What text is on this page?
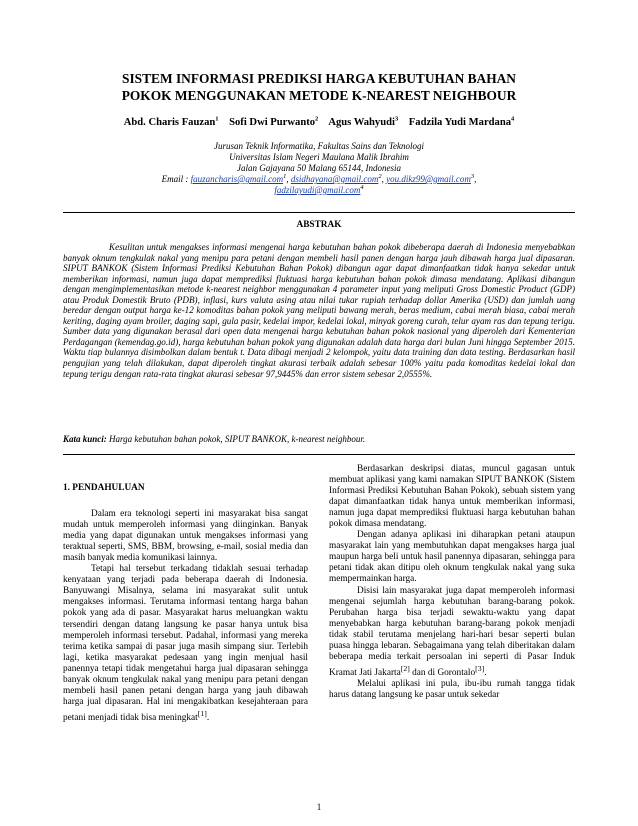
SISTEM INFORMASI PREDIKSI HARGA KEBUTUHAN BAHAN
POKOK MENGGUNAKAN METODE K-NEAREST NEIGHBOUR
Abd. Charis Fauzan$^1$ Sofi Dwi Purwanto$^2$ Agus Wahyudi$^3$ Fadzila Yudi Mardana$^4$
Jurusan Teknik Informatika, Fakultas Sains dan Teknologi
Universitas Islam Negeri Maulana Malik Ibrahim
Jalan Gajayana 50 Malang 65144, Indonesia
Email : fauzancharis@gmail.com$^1$, dsidhayana@gmail.com$^2$, you.dikz99@gmail.com$^3$,
fadzilayudi@gmail.com$^4$
ABSTRAK

Kesulitan untuk mengakses informasi mengenai harga kebutuhan bahan pokok dibeberapa daerah di Indonesia menyebabkan banyak oknum tengkulak nakal yang menipu para petani dengan membeli hasil panen dengan harga jauh dibawah harga jual dipasaran. SIPUT BANKOK (Sistem Informasi Prediksi Kebutuhan Bahan Pokok) dibangun agar dapat dimanfaatkan tidak hanya sekedar untuk memberikan informasi, namun juga dapat memprediksi fluktuasi harga kebutuhan bahan pokok dimasa mendatang. Aplikasi dibangun dengan mengimplementasikan metode k-nearest neighbor menggunakan 4 parameter input yang meliputi Gross Domestic Product (GDP) atau Produk Domestik Bruto (PDB), inflasi, kurs valuta asing atau nilai tukar rupiah terhadap dollar Amerika (USD) dan jumlah uang beredar dengan output harga ke-12 komoditas bahan pokok yang meliputi bawang merah, beras medium, cabai merah biasa, cabai merah keriting, daging ayam broiler, daging sapi, gula pasir, kedelai impor, kedelai lokal, minyak goreng curah, telur ayam ras dan tepung terigu. Sumber data yang digunakan berasal dari open data mengenai harga kebutuhan bahan pokok nasional yang diperoleh dari Kementerian Perdagangan (kemendag.go.id), harga kebutuhan bahan pokok yang digunakan adalah data harga dari bulan Juni hingga September 2015. Waktu tiap bulannya disimbolkan dalam bentuk t. Data dibagi menjadi 2 kelompok, yaitu data training dan data testing. Berdasarkan hasil pengujian yang telah dilakukan, dapat diperoleh tingkat akurasi terbaik adalah sebesar 100% yaitu pada komoditas kedelai lokal dan tepung terigu dengan rata-rata tingkat akurasi sebesar 97,9445% dan error sistem sebesar 2,0555%.

Kata kunci: Harga kebutuhan bahan pokok, SIPUT BANKOK, k-nearest neighbour.

1. PENDAHULUAN

Dalam era teknologi seperti ini masyarakat bisa sangat mudah untuk memperoleh informasi yang diinginkan. Banyak media yang dapat digunakan untuk mengakses informasi yang teraktual seperti, SMS, BBM, browsing, e-mail, sosial media dan masih banyak media komunikasi lainnya.

Tetapi hal tersebut terkadang tidaklah sesuai terhadap kenyataan yang terjadi pada beberapa daerah di Indonesia. Banyuwangi Misalnya, selama ini masyarakat sulit untuk mengakses informasi. Terutama informasi tentang harga bahan pokok yang ada di pasar. Masyarakat harus meluangkan waktu tersendiri dengan datang langsung ke pasar hanya untuk bisa memperoleh informasi tersebut. Padahal, informasi yang mereka terima ketika sampai di pasar juga masih simpang siur. Terlebih lagi, ketika masyarakat pedesaan yang ingin menjual hasil panennya tetapi tidak mengetahui harga jual dipasaran sehingga banyak oknum tengkulak nakal yang menipu para petani dengan membeli hasil panen petani dengan harga yang jauh dibawah harga jual dipasaran. Hal ini mengakibatkan kesejahteraan para petani menjadi tidak bisa meningkat[1].

Berdasarkan deskripsi diatas, muncul gagasan untuk membuat aplikasi yang kami namakan SIPUT BANKOK (Sistem Informasi Prediksi Kebutuhan Bahan Pokok), sebuah sistem yang dapat dimanfaatkan tidak hanya untuk memberikan informasi, namun juga dapat memprediksi fluktuasi harga kebutuhan bahan pokok dimasa mendatang.

Dengan adanya aplikasi ini diharapkan petani ataupun masyarakat lain yang membutuhkan dapat mengakses harga jual maupun harga beli untuk hasil panennya dipasaran, sehingga para petani tidak akan ditipu oleh oknum tengkulak nakal yang suka mempermainkan harga.

Disisi lain masyarakat juga dapat memperoleh informasi mengenai sejumlah harga kebutuhan barang-barang pokok. Perubahan harga bisa terjadi sewaktu-waktu yang dapat menyebabkan harga kebutuhan barang-barang pokok menjadi tidak stabil terutama menjelang hari-hari besar seperti bulan puasa hingga lebaran. Sebagaimana yang telah diberitakan dalam beberapa media terkait persoalan ini seperti di Pasar Induk Kramat Jati Jakarta[2] dan di Gorontalo[3].

Melalui aplikasi ini pula, ibu-ibu rumah tangga tidak harus datang langsung ke pasar untuk sekedar

1
